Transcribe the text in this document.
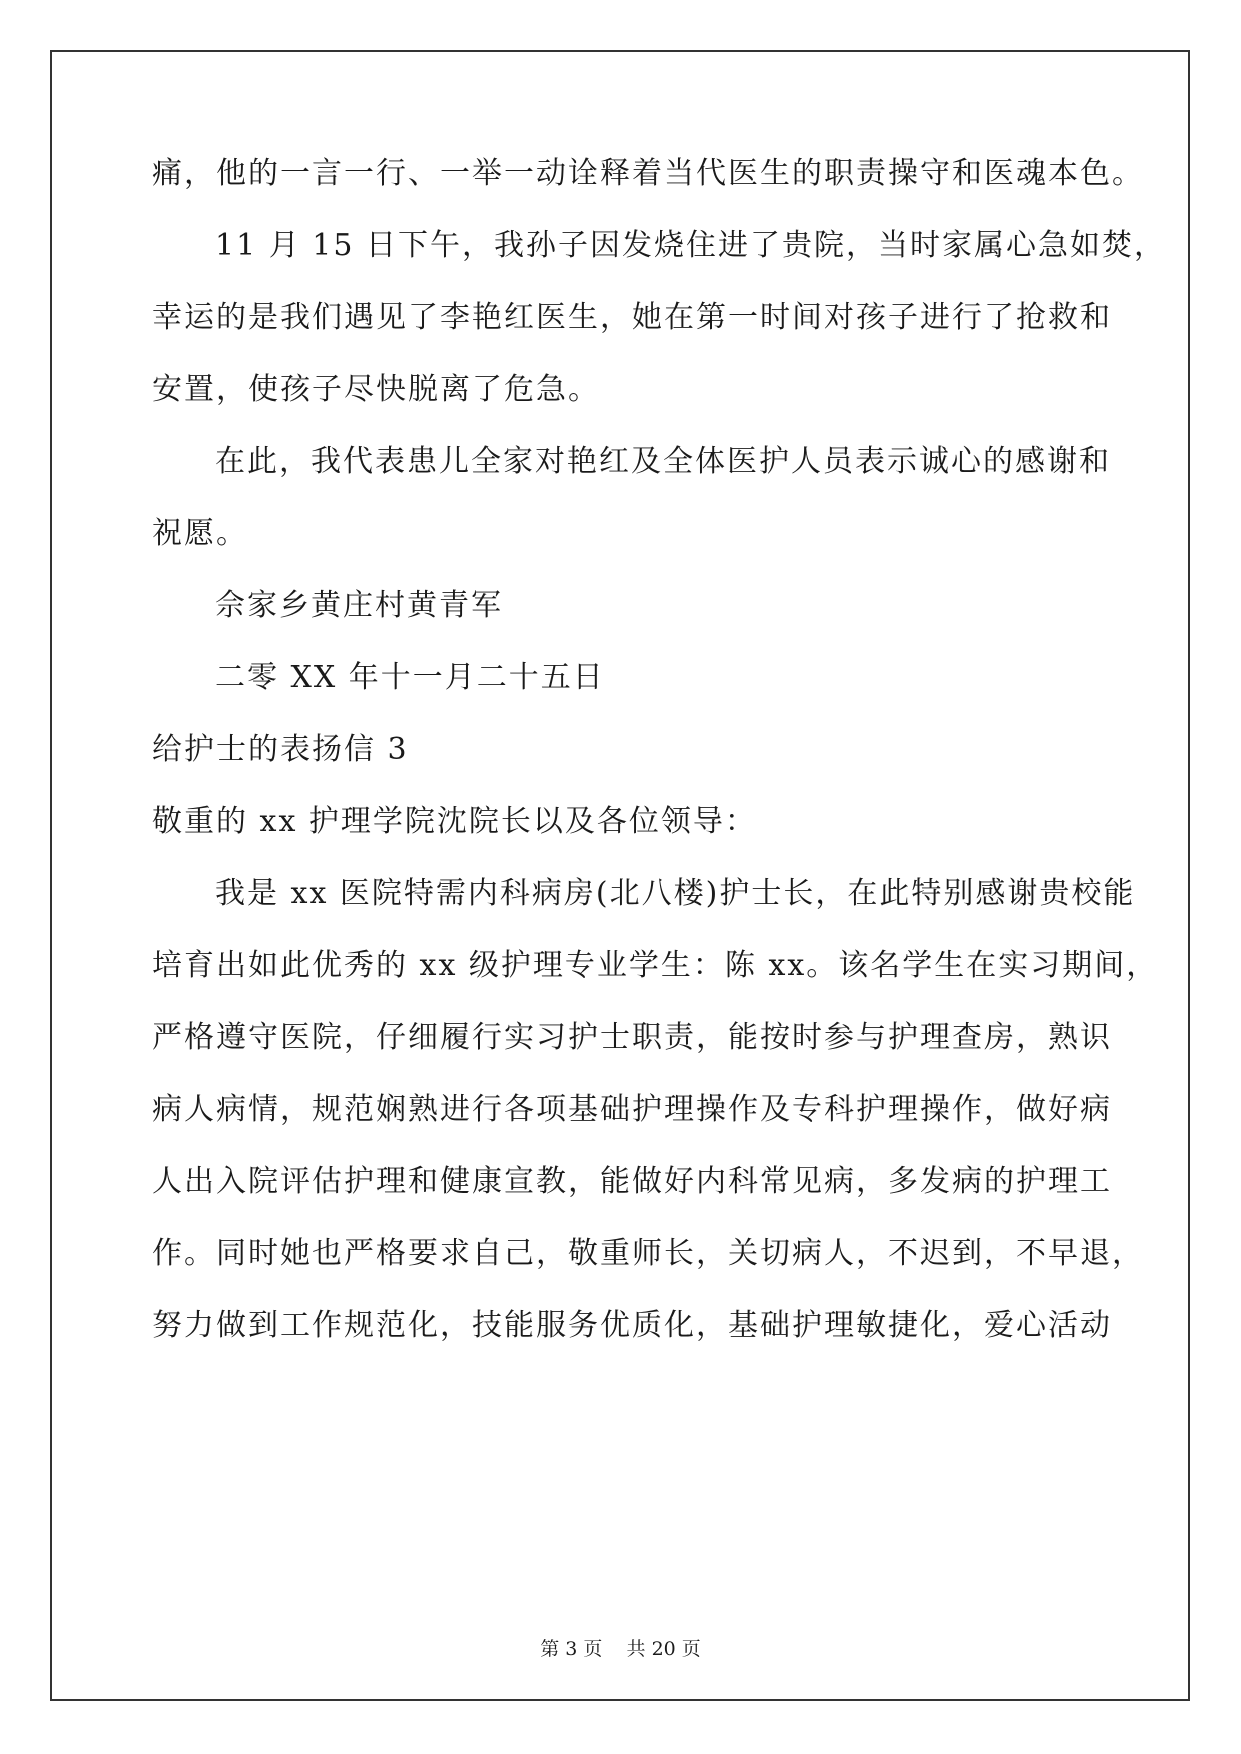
痛，他的一言一行、一举一动诠释着当代医生的职责操守和医魂本色。
11 月 15 日下午，我孙子因发烧住进了贵院，当时家属心急如焚，
幸运的是我们遇见了李艳红医生，她在第一时间对孩子进行了抢救和
安置，使孩子尽快脱离了危急。
在此，我代表患儿全家对艳红及全体医护人员表示诚心的感谢和
祝愿。
佘家乡黄庄村黄青军
二零 XX 年十一月二十五日
给护士的表扬信 3
敬重的 xx 护理学院沈院长以及各位领导：
我是 xx 医院特需内科病房(北八楼)护士长，在此特别感谢贵校能
培育出如此优秀的 xx 级护理专业学生：陈 xx。该名学生在实习期间，
严格遵守医院，仔细履行实习护士职责，能按时参与护理查房，熟识
病人病情，规范娴熟进行各项基础护理操作及专科护理操作，做好病
人出入院评估护理和健康宣教，能做好内科常见病，多发病的护理工
作。同时她也严格要求自己，敬重师长，关切病人，不迟到，不早退，
努力做到工作规范化，技能服务优质化，基础护理敏捷化，爱心活动
第 3 页    共 20 页
